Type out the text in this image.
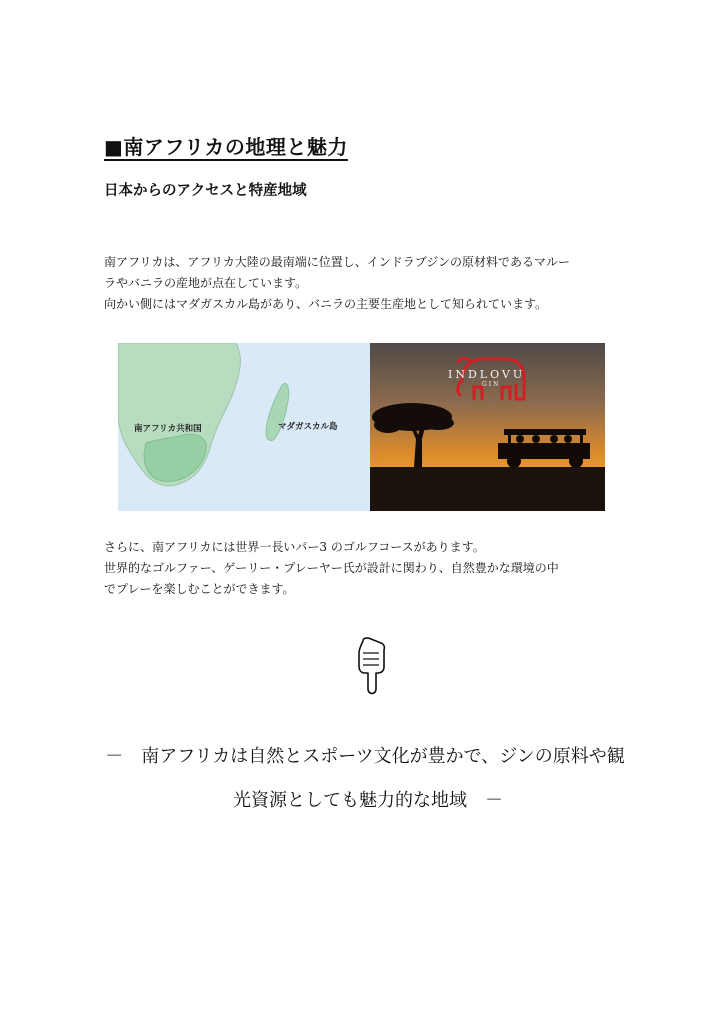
■南アフリカの地理と魅力
日本からのアクセスと特産地域

南アフリカは、アフリカ大陸の最南端に位置し、インドラブジンの原材料であるマルー
ラやバニラの産地が点在しています。
向かい側にはマダガスカル島があり、バニラの主要生産地として知られています。

南アフリカ共和国	マダガスカル島
INDLOVU
GIN

さらに、南アフリカには世界一長いパー3 のゴルフコースがあります。
世界的なゴルファー、ゲーリー・プレーヤー氏が設計に関わり、自然豊かな環境の中
でプレーを楽しむことができます。

－　南アフリカは自然とスポーツ文化が豊かで、ジンの原料や観

光資源としても魅力的な地域　－
